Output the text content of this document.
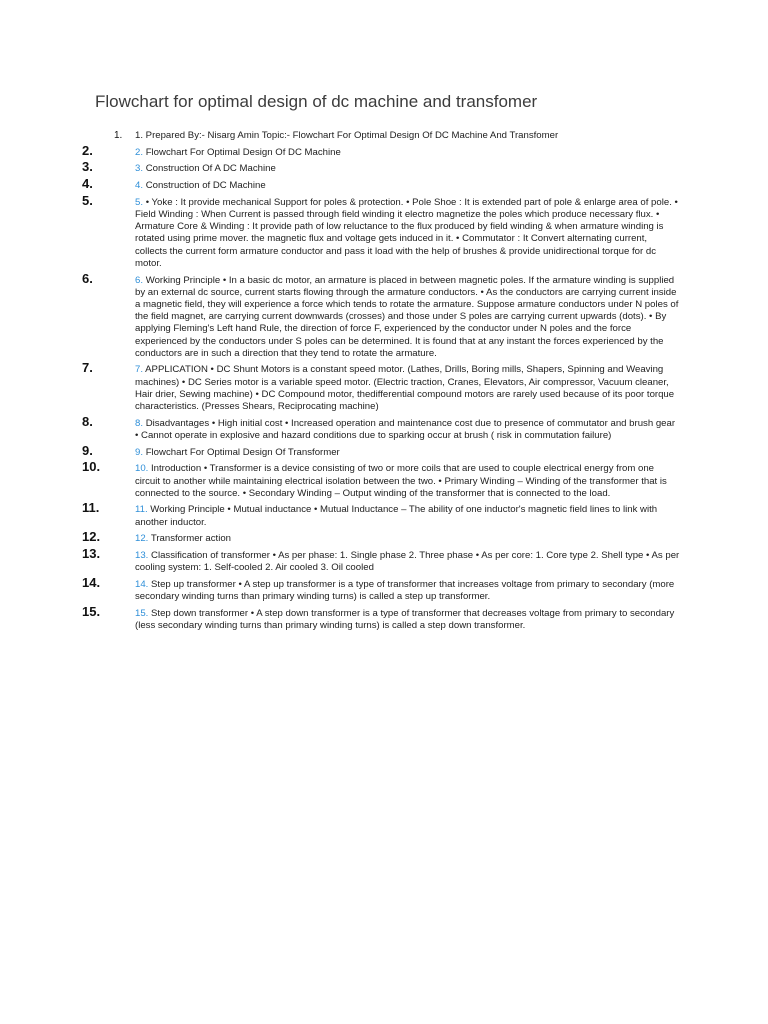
Flowchart for optimal design of dc machine and transfomer
1.	1. Prepared By:- Nisarg Amin Topic:- Flowchart For Optimal Design Of DC Machine And Transfomer
2.	2. Flowchart For Optimal Design Of DC Machine
3.	3. Construction Of A DC Machine
4.	4. Construction of DC Machine
5.	5. • Yoke : It provide mechanical Support for poles & protection. • Pole Shoe : It is extended part of pole & enlarge area of pole. • Field Winding : When Current is passed through field winding it electro magnetize the poles which produce necessary flux. • Armature Core & Winding : It provide path of low reluctance to the flux produced by field winding & when armature winding is rotated using prime mover. the magnetic flux and voltage gets induced in it. • Commutator : It Convert alternating current, collects the current form armature conductor and pass it load with the help of brushes & provide unidirectional torque for dc motor.
6.	6. Working Principle • In a basic dc motor, an armature is placed in between magnetic poles. If the armature winding is supplied by an external dc source, current starts flowing through the armature conductors. • As the conductors are carrying current inside a magnetic field, they will experience a force which tends to rotate the armature. Suppose armature conductors under N poles of the field magnet, are carrying current downwards (crosses) and those under S poles are carrying current upwards (dots). • By applying Fleming's Left hand Rule, the direction of force F, experienced by the conductor under N poles and the force experienced by the conductors under S poles can be determined. It is found that at any instant the forces experienced by the conductors are in such a direction that they tend to rotate the armature.
7.	7. APPLICATION • DC Shunt Motors is a constant speed motor. (Lathes, Drills, Boring mills, Shapers, Spinning and Weaving machines) • DC Series motor is a variable speed motor. (Electric traction, Cranes, Elevators, Air compressor, Vacuum cleaner, Hair drier, Sewing machine) • DC Compound motor, thedifferential compound motors are rarely used because of its poor torque characteristics. (Presses Shears, Reciprocating machine)
8.	8. Disadvantages • High initial cost • Increased operation and maintenance cost due to presence of commutator and brush gear • Cannot operate in explosive and hazard conditions due to sparking occur at brush ( risk in commutation failure)
9.	9. Flowchart For Optimal Design Of Transformer
10.	10. Introduction • Transformer is a device consisting of two or more coils that are used to couple electrical energy from one circuit to another while maintaining electrical isolation between the two. • Primary Winding – Winding of the transformer that is connected to the source. • Secondary Winding – Output winding of the transformer that is connected to the load.
11.	11. Working Principle • Mutual inductance • Mutual Inductance – The ability of one inductor's magnetic field lines to link with another inductor.
12.	12. Transformer action
13.	13. Classification of transformer • As per phase: 1. Single phase 2. Three phase • As per core: 1. Core type 2. Shell type • As per cooling system: 1. Self-cooled 2. Air cooled 3. Oil cooled
14.	14. Step up transformer • A step up transformer is a type of transformer that increases voltage from primary to secondary (more secondary winding turns than primary winding turns) is called a step up transformer.
15.	15. Step down transformer • A step down transformer is a type of transformer that decreases voltage from primary to secondary (less secondary winding turns than primary winding turns) is called a step down transformer.
